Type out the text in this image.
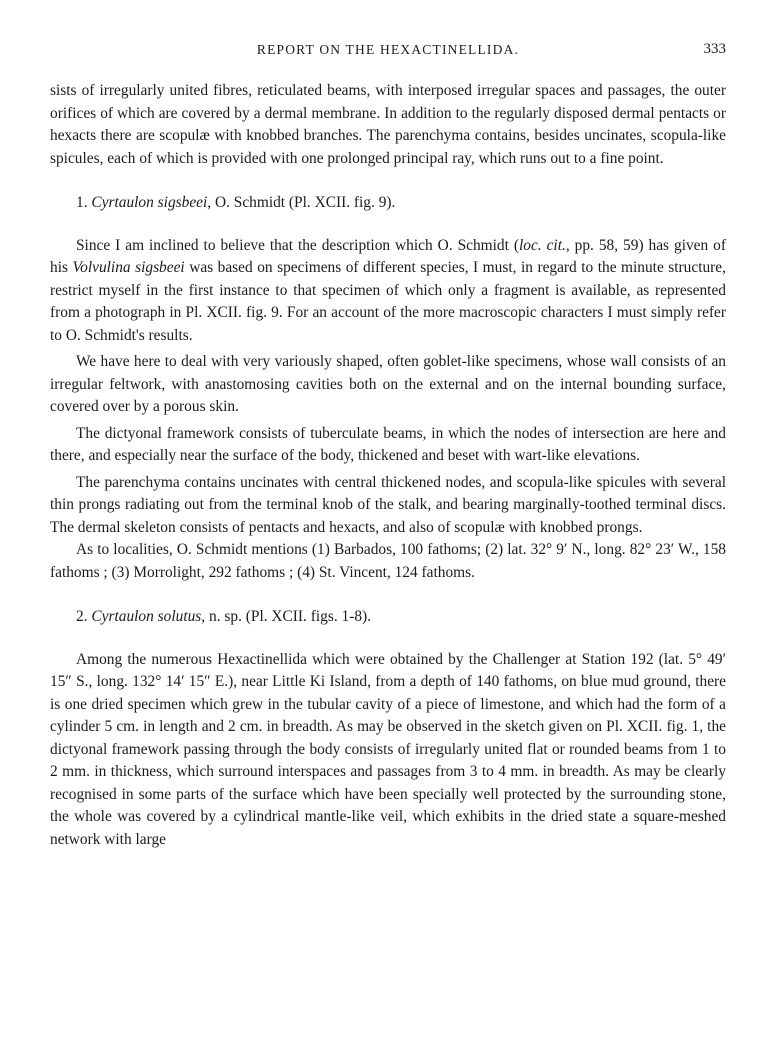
REPORT ON THE HEXACTINELLIDA.	333

sists of irregularly united fibres, reticulated beams, with interposed irregular spaces and passages, the outer orifices of which are covered by a dermal membrane. In addition to the regularly disposed dermal pentacts or hexacts there are scopulæ with knobbed branches. The parenchyma contains, besides uncinates, scopula-like spicules, each of which is provided with one prolonged principal ray, which runs out to a fine point.

1. Cyrtaulon sigsbeei, O. Schmidt (Pl. XCII. fig. 9).

Since I am inclined to believe that the description which O. Schmidt (loc. cit., pp. 58, 59) has given of his Volvulina sigsbeei was based on specimens of different species, I must, in regard to the minute structure, restrict myself in the first instance to that specimen of which only a fragment is available, as represented from a photograph in Pl. XCII. fig. 9. For an account of the more macroscopic characters I must simply refer to O. Schmidt's results.

We have here to deal with very variously shaped, often goblet-like specimens, whose wall consists of an irregular feltwork, with anastomosing cavities both on the external and on the internal bounding surface, covered over by a porous skin.

The dictyonal framework consists of tuberculate beams, in which the nodes of intersection are here and there, and especially near the surface of the body, thickened and beset with wart-like elevations.

The parenchyma contains uncinates with central thickened nodes, and scopula-like spicules with several thin prongs radiating out from the terminal knob of the stalk, and bearing marginally-toothed terminal discs. The dermal skeleton consists of pentacts and hexacts, and also of scopulæ with knobbed prongs.

As to localities, O. Schmidt mentions (1) Barbados, 100 fathoms; (2) lat. 32° 9′ N., long. 82° 23′ W., 158 fathoms ; (3) Morrolight, 292 fathoms ; (4) St. Vincent, 124 fathoms.

2. Cyrtaulon solutus, n. sp. (Pl. XCII. figs. 1-8).

Among the numerous Hexactinellida which were obtained by the Challenger at Station 192 (lat. 5° 49′ 15″ S., long. 132° 14′ 15″ E.), near Little Ki Island, from a depth of 140 fathoms, on blue mud ground, there is one dried specimen which grew in the tubular cavity of a piece of limestone, and which had the form of a cylinder 5 cm. in length and 2 cm. in breadth. As may be observed in the sketch given on Pl. XCII. fig. 1, the dictyonal framework passing through the body consists of irregularly united flat or rounded beams from 1 to 2 mm. in thickness, which surround interspaces and passages from 3 to 4 mm. in breadth. As may be clearly recognised in some parts of the surface which have been specially well protected by the surrounding stone, the whole was covered by a cylindrical mantle-like veil, which exhibits in the dried state a square-meshed network with large
